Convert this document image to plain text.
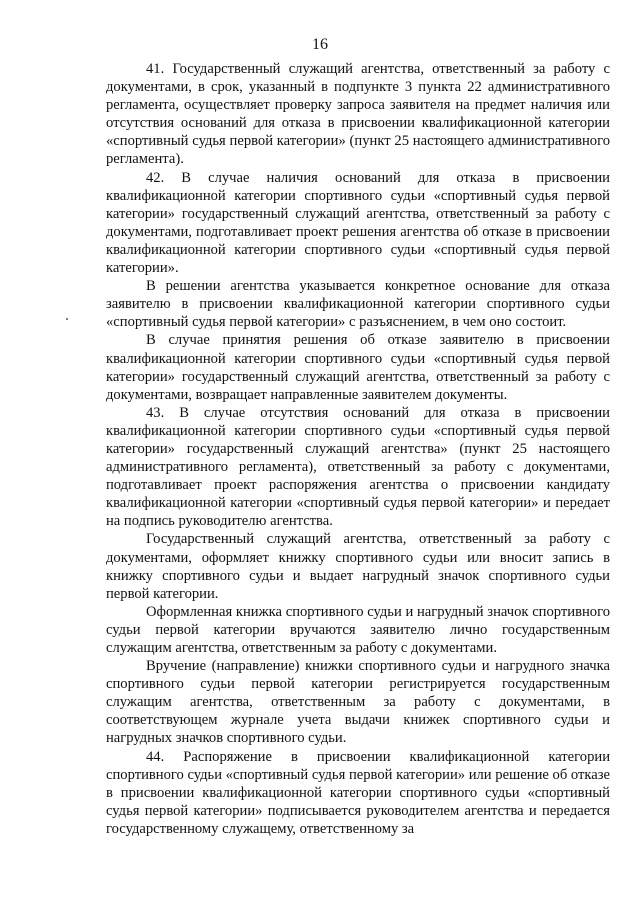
16

41. Государственный служащий агентства, ответственный за работу с документами, в срок, указанный в подпункте 3 пункта 22 административного регламента, осуществляет проверку запроса заявителя на предмет наличия или отсутствия оснований для отказа в присвоении квалификационной категории «спортивный судья первой категории» (пункт 25 настоящего административного регламента).

42. В случае наличия оснований для отказа в присвоении квалификационной категории спортивного судьи «спортивный судья первой категории» государственный служащий агентства, ответственный за работу с документами, подготавливает проект решения агентства об отказе в присвоении квалификационной категории спортивного судьи «спортивный судья первой категории».

В решении агентства указывается конкретное основание для отказа заявителю в присвоении квалификационной категории спортивного судьи «спортивный судья первой категории» с разъяснением, в чем оно состоит.

В случае принятия решения об отказе заявителю в присвоении квалификационной категории спортивного судьи «спортивный судья первой категории» государственный служащий агентства, ответственный за работу с документами, возвращает направленные заявителем документы.

43. В случае отсутствия оснований для отказа в присвоении квалификационной категории спортивного судьи «спортивный судья первой категории» государственный служащий агентства» (пункт 25 настоящего административного регламента), ответственный за работу с документами, подготавливает проект распоряжения агентства о присвоении кандидату квалификационной категории «спортивный судья первой категории» и передает на подпись руководителю агентства.

Государственный служащий агентства, ответственный за работу с документами, оформляет книжку спортивного судьи или вносит запись в книжку спортивного судьи и выдает нагрудный значок спортивного судьи первой категории.

Оформленная книжка спортивного судьи и нагрудный значок спортивного судьи первой категории вручаются заявителю лично государственным служащим агентства, ответственным за работу с документами.

Вручение (направление) книжки спортивного судьи и нагрудного значка спортивного судьи первой категории регистрируется государственным служащим агентства, ответственным за работу с документами, в соответствующем журнале учета выдачи книжек спортивного судьи и нагрудных значков спортивного судьи.

44. Распоряжение в присвоении квалификационной категории спортивного судьи «спортивный судья первой категории» или решение об отказе в присвоении квалификационной категории спортивного судьи «спортивный судья первой категории» подписывается руководителем агентства и передается государственному служащему, ответственному за
